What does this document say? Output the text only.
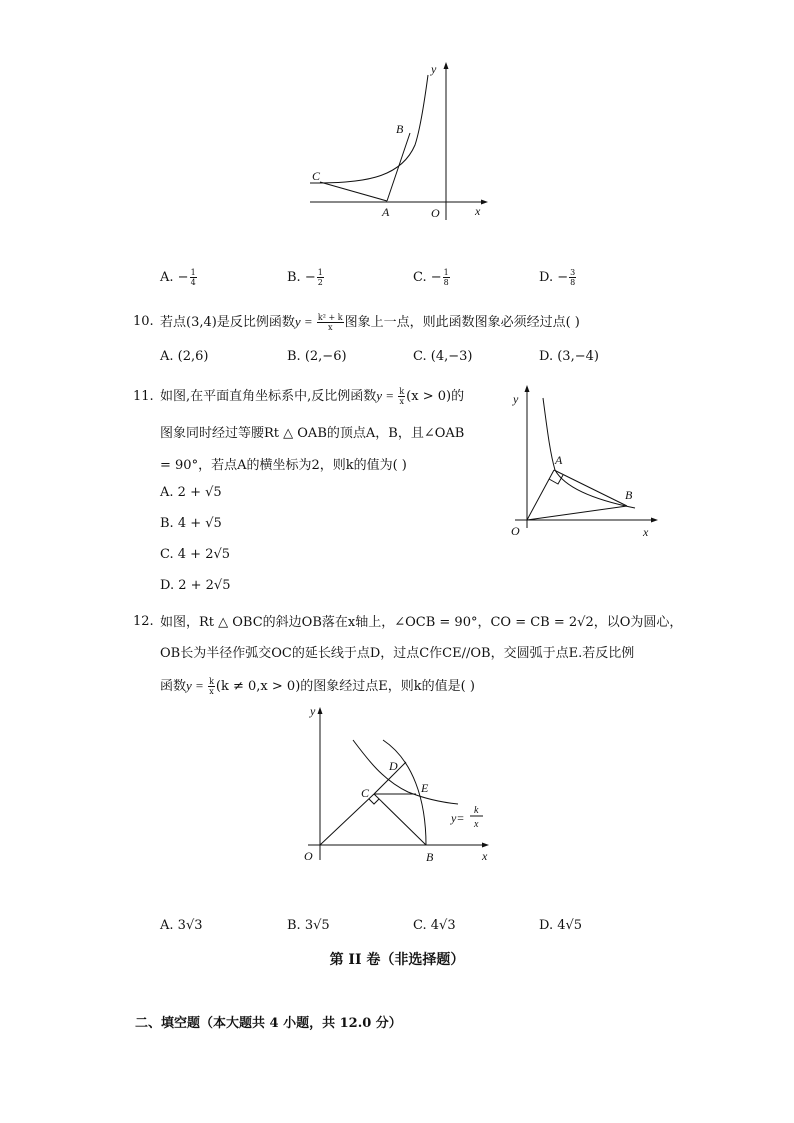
y
x
O
A
B
C
A. − $\frac{1}{4}$	B. − $\frac{1}{2}$	C. − $\frac{1}{8}$	D. − $\frac{3}{8}$
10. 若点(3,4)是反比例函数$y = \frac{\text{k² + k}}{x}$ 图象上一点，则此函数图象必须经过点( )
A. (2,6)	B. (2,−6)	C. (4,−3)	D. (3,−4)
11. 如图,在平面直角坐标系中,反比例函数$y = \frac{k}{x} (x > 0)$的
图象同时经过等腰Rt △ OAB的顶点A，B，且∠OAB
= 90°，若点A的横坐标为2，则k的值为( )
A. 2 + √5
B. 4 + √5
C. 4 + 2√5
D. 2 + 2√5
y
x
O
A
B
12. 如图，Rt △ OBC的斜边OB落在x轴上，∠OCB = 90°，CO = CB = 2√2，以O为圆心，
OB长为半径作弧交OC的延长线于点D，过点C作CE//OB，交圆弧于点E.若反比例
函数$y = \frac{k}{x} (k \ne 0,x > 0)$的图象经过点E，则k的值是( )
y
x
O	B
C
D
E
y=
k
x
A. 3√3	B. 3√5	C. 4√3	D. 4√5
第 II 卷（非选择题）
二、填空题（本大题共 4 小题，共 12.0 分）
